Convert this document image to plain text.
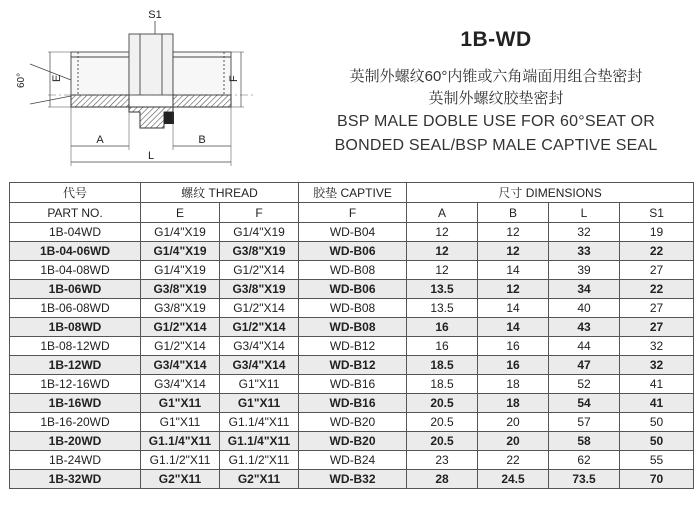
S1
60° E	F
A	B
L
1B-WD
英制外螺纹60°内锥或六角端面用组合垫密封
英制外螺纹胶垫密封
BSP MALE DOBLE USE FOR 60°SEAT OR
BONDED SEAL/BSP MALE CAPTIVE SEAL
代号	螺纹 THREAD		胶垫 CAPTIVE	尺寸 DIMENSIONS			
PART NO.	E	F	F	A	B	L	S1
1B-04WD	G1/4"X19	G1/4"X19	WD-B04	12	12	32	19
1B-04-06WD	G1/4"X19	G3/8"X19	WD-B06	12	12	33	22
1B-04-08WD	G1/4"X19	G1/2"X14	WD-B08	12	14	39	27
1B-06WD	G3/8"X19	G3/8"X19	WD-B06	13.5	12	34	22
1B-06-08WD	G3/8"X19	G1/2"X14	WD-B08	13.5	14	40	27
1B-08WD	G1/2"X14	G1/2"X14	WD-B08	16	14	43	27
1B-08-12WD	G1/2"X14	G3/4"X14	WD-B12	16	16	44	32
1B-12WD	G3/4"X14	G3/4"X14	WD-B12	18.5	16	47	32
1B-12-16WD	G3/4"X14	G1"X11	WD-B16	18.5	18	52	41
1B-16WD	G1"X11	G1"X11	WD-B16	20.5	18	54	41
1B-16-20WD	G1"X11	G1.1/4"X11	WD-B20	20.5	20	57	50
1B-20WD	G1.1/4"X11	G1.1/4"X11	WD-B20	20.5	20	58	50
1B-24WD	G1.1/2"X11	G1.1/2"X11	WD-B24	23	22	62	55
1B-32WD	G2"X11	G2"X11	WD-B32	28	24.5	73.5	70
